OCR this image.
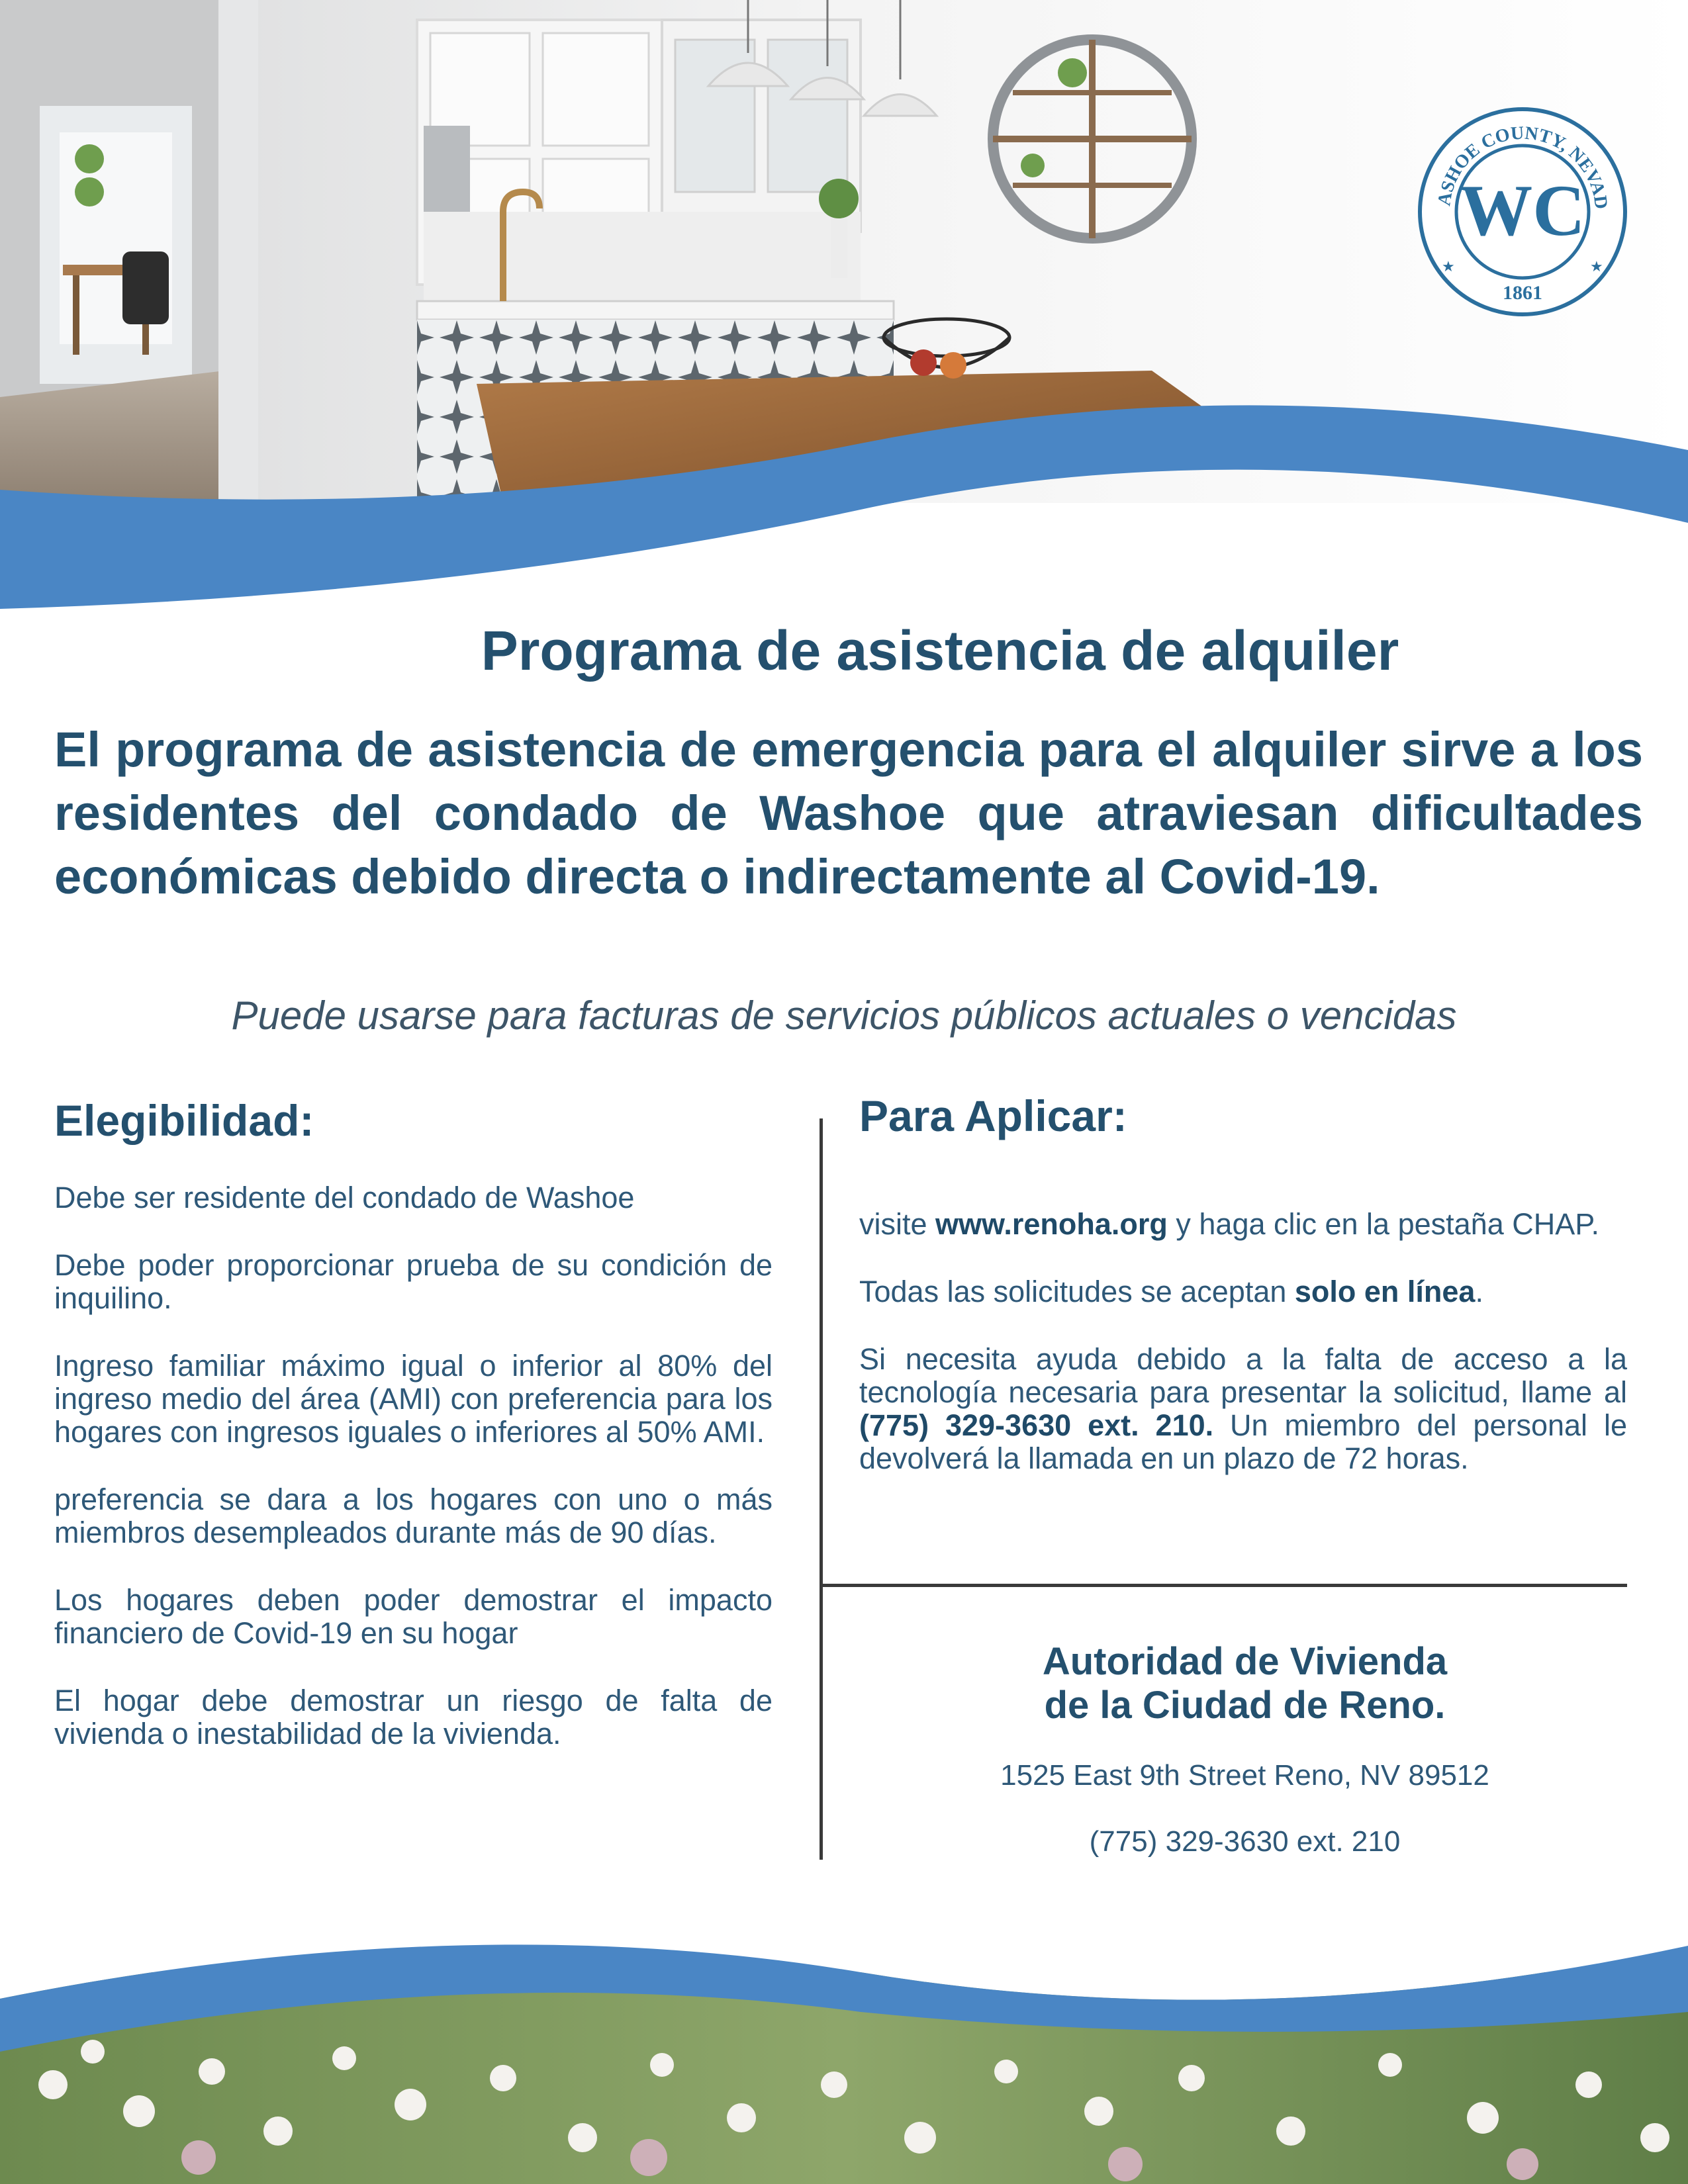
ASHOE COUNTY, NEVAD
1861
WC
★	★
Programa de asistencia de alquiler
El programa de asistencia de emergencia para el alquiler sirve a los residentes del condado de Washoe que atraviesan dificultades económicas debido directa o indirectamente al Covid-19.
Puede usarse para facturas de servicios públicos actuales o vencidas
Elegibilidad:

Debe ser residente del condado de Washoe

Debe poder proporcionar prueba de su condición de inquilino.

Ingreso familiar máximo igual o inferior al 80% del ingreso medio del área (AMI) con preferencia para los hogares con ingresos iguales o inferiores al 50% AMI.

preferencia se dara a los hogares con uno o más miembros desempleados durante más de 90 días.

Los hogares deben poder demostrar el impacto financiero de Covid-19 en su hogar

El hogar debe demostrar un riesgo de falta de vivienda o inestabilidad de la vivienda.

Para Aplicar:

visite www.renoha.org y haga clic en la pestaña CHAP.

Todas las solicitudes se aceptan solo en línea.

Si necesita ayuda debido a la falta de acceso a la tecnología necesaria para presentar la solicitud, llame al (775) 329-3630 ext. 210. Un miembro del personal le devolverá la llamada en un plazo de 72 horas.

Autoridad de Vivienda
de la Ciudad de Reno.
1525 East 9th Street Reno, NV 89512
(775) 329-3630 ext. 210
